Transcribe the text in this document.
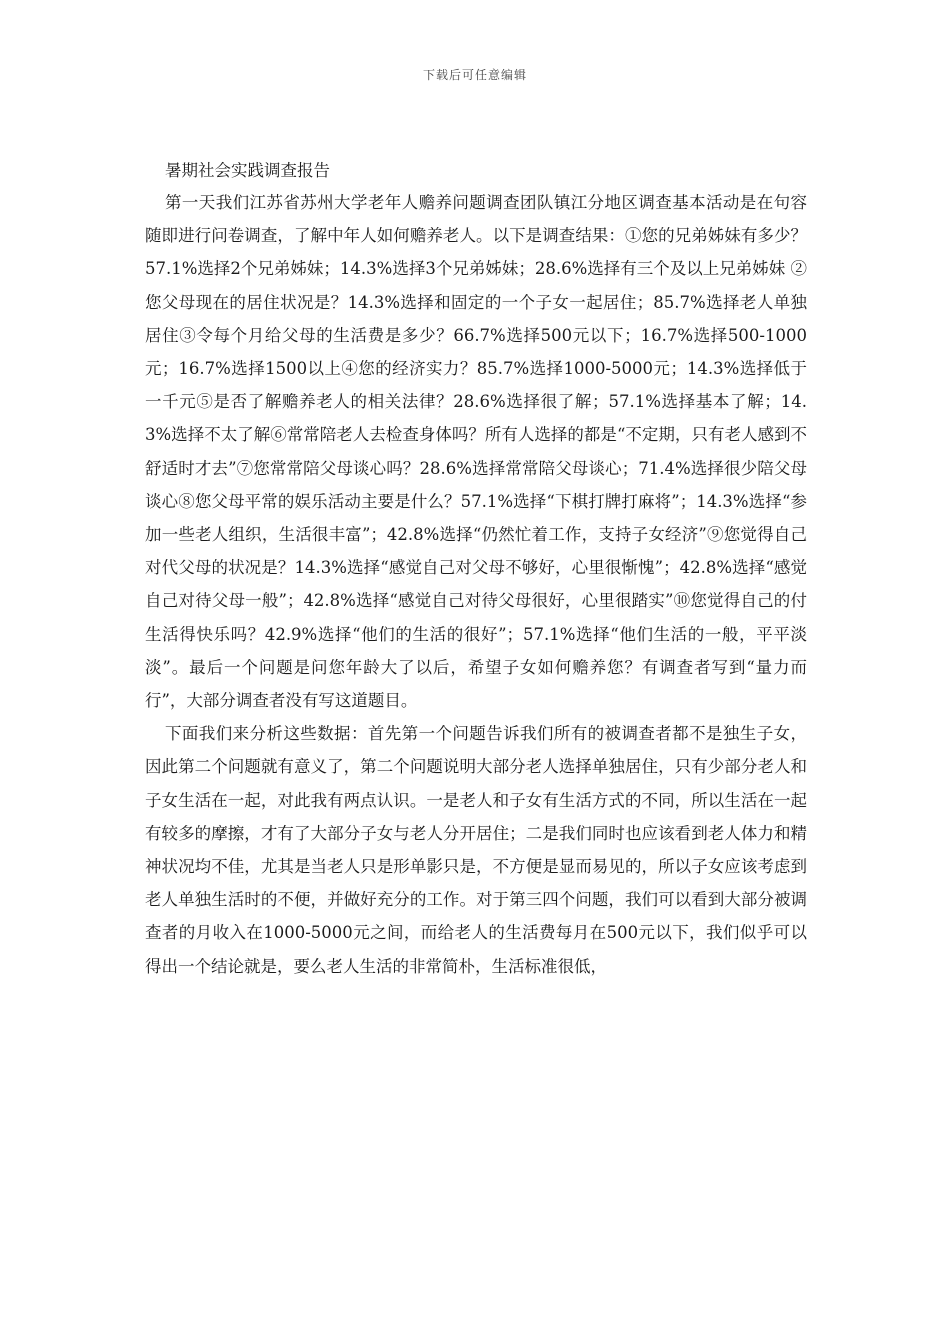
下载后可任意编辑
暑期社会实践调查报告

第一天我们江苏省苏州大学老年人赡养问题调查团队镇江分地区调查基本活动是在句容随即进行问卷调查，了解中年人如何赡养老人。以下是调查结果：①您的兄弟姊妹有多少？57.1%选择2个兄弟姊妹；14.3%选择3个兄弟姊妹；28.6%选择有三个及以上兄弟姊妹 ②您父母现在的居住状况是？14.3%选择和固定的一个子女一起居住；85.7%选择老人单独居住③令每个月给父母的生活费是多少？66.7%选择500元以下；16.7%选择500-1000元；16.7%选择1500以上④您的经济实力？85.7%选择1000-5000元；14.3%选择低于一千元⑤是否了解赡养老人的相关法律？28.6%选择很了解；57.1%选择基本了解；14.3%选择不太了解⑥常常陪老人去检查身体吗？所有人选择的都是“不定期，只有老人感到不舒适时才去”⑦您常常陪父母谈心吗？28.6%选择常常陪父母谈心；71.4%选择很少陪父母谈心⑧您父母平常的娱乐活动主要是什么？57.1%选择“下棋打牌打麻将”；14.3%选择“参加一些老人组织，生活很丰富”；42.8%选择“仍然忙着工作，支持子女经济”⑨您觉得自己对代父母的状况是？14.3%选择“感觉自己对父母不够好，心里很惭愧”；42.8%选择“感觉自己对待父母一般”；42.8%选择“感觉自己对待父母很好，心里很踏实”⑩您觉得自己的付生活得快乐吗？42.9%选择“他们的生活的很好”；57.1%选择“他们生活的一般，平平淡淡”。最后一个问题是问您年龄大了以后，希望子女如何赡养您？有调查者写到“量力而行”，大部分调查者没有写这道题目。

下面我们来分析这些数据：首先第一个问题告诉我们所有的被调查者都不是独生子女，因此第二个问题就有意义了，第二个问题说明大部分老人选择单独居住，只有少部分老人和子女生活在一起，对此我有两点认识。一是老人和子女有生活方式的不同，所以生活在一起有较多的摩擦，才有了大部分子女与老人分开居住；二是我们同时也应该看到老人体力和精神状况均不佳，尤其是当老人只是形单影只是，不方便是显而易见的，所以子女应该考虑到老人单独生活时的不便，并做好充分的工作。对于第三四个问题，我们可以看到大部分被调查者的月收入在1000-5000元之间，而给老人的生活费每月在500元以下，我们似乎可以得出一个结论就是，要么老人生活的非常简朴，生活标准很低，
